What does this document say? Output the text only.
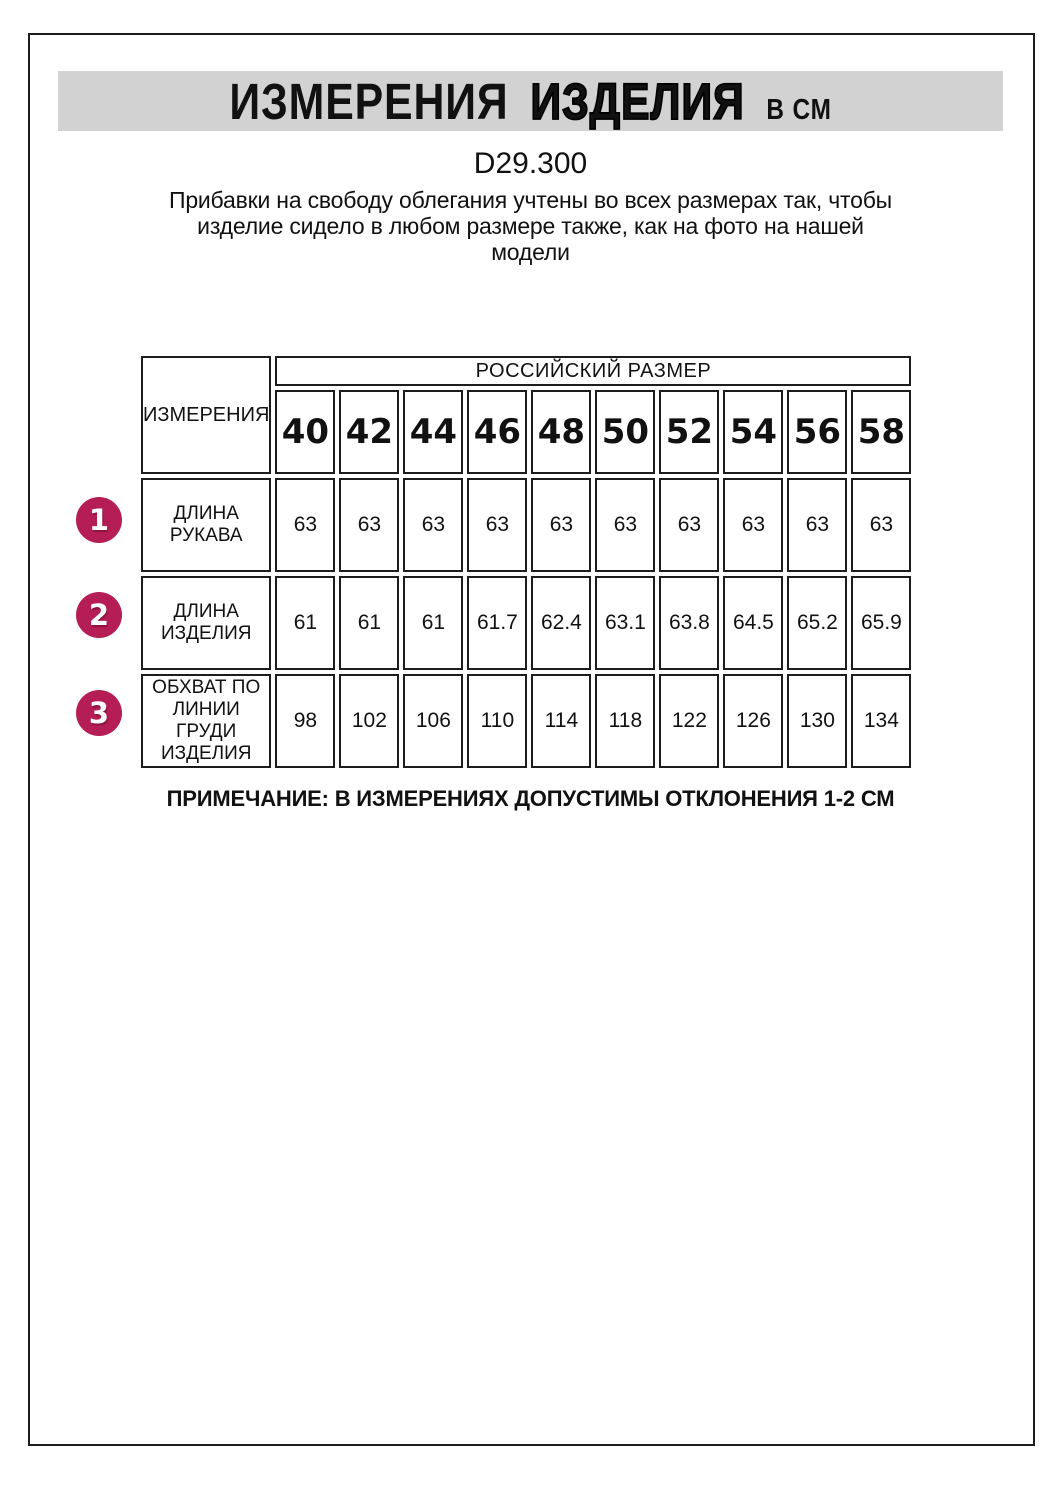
ИЗМЕРЕНИЯ ИЗДЕЛИЯ В СМ
D29.300
Прибавки на свободу облегания учтены во всех размерах так, чтобы
изделие сидело в любом размере также, как на фото на нашей
модели
ИЗМЕРЕНИЯ	РОССИЙСКИЙ РАЗМЕР									
	40	42	44	46	48	50	52	54	56	58
ДЛИНА РУКАВА	63	63	63	63	63	63	63	63	63	63
ДЛИНА ИЗДЕЛИЯ	61	61	61	61.7	62.4	63.1	63.8	64.5	65.2	65.9
ОБХВАТ ПО ЛИНИИ ГРУДИ ИЗДЕЛИЯ	98	102	106	110	114	118	122	126	130	134
1
2
3
ПРИМЕЧАНИЕ: В ИЗМЕРЕНИЯХ ДОПУСТИМЫ ОТКЛОНЕНИЯ 1-2 СМ
